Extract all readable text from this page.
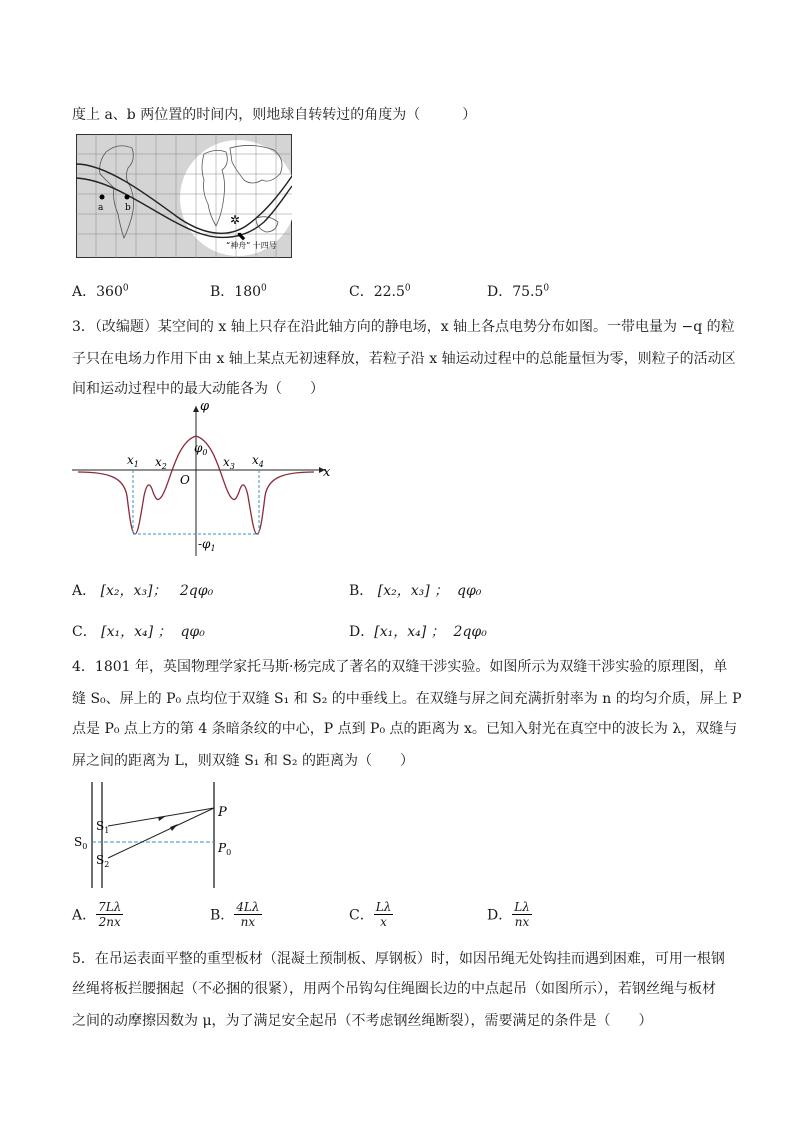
度上 a、b 两位置的时间内，则地球自转转过的角度为（　　　）
a b
✲
⬉
“神舟” 十四号
A．$360^0$	B．$180^0$	C．22.5$^0$	D．75.5$^0$
3．（改编题）某空间的 x 轴上只存在沿此轴方向的静电场，x 轴上各点电势分布如图。一带电量为 −q 的粒
子只在电场力作用下由 x 轴上某点无初速释放，若粒子沿 x 轴运动过程中的总能量恒为零，则粒子的活动区
间和运动过程中的最大动能各为（　　）
φ
x
O
$x_1$ $x_2$	$x_3$ $x_4$
$\varphi_0$
$-\varphi_1$
A． [x₂，x₃]； 2qφ₀	B． [x₂，x₃] ； qφ₀
C． [x₁，x₄] ； qφ₀	D．[x₁，x₄] ； 2qφ₀
4．1801 年，英国物理学家托马斯·杨完成了著名的双缝干涉实验。如图所示为双缝干涉实验的原理图，单
缝 S₀、屏上的 P₀ 点均位于双缝 S₁ 和 S₂ 的中垂线上。在双缝与屏之间充满折射率为 n 的均匀介质，屏上 P
点是 P₀ 点上方的第 4 条暗条纹的中心，P 点到 P₀ 点的距离为 x。已知入射光在真空中的波长为 λ，双缝与
屏之间的距离为 L，则双缝 S₁ 和 S₂ 的距离为（　　）
$S_0$
$S_1$
$S_2$
P
$P_0$
A． $\frac{7L\lambda}{2nx}$	B． $\frac{4L\lambda}{nx}$	C． $\frac{L\lambda}{x}$	D． $\frac{L\lambda}{nx}$
5．在吊运表面平整的重型板材（混凝土预制板、厚钢板）时，如因吊绳无处钩挂而遇到困难，可用一根钢
丝绳将板拦腰捆起（不必捆的很紧），用两个吊钩勾住绳圈长边的中点起吊（如图所示），若钢丝绳与板材
之间的动摩擦因数为 μ，为了满足安全起吊（不考虑钢丝绳断裂），需要满足的条件是（　　）
